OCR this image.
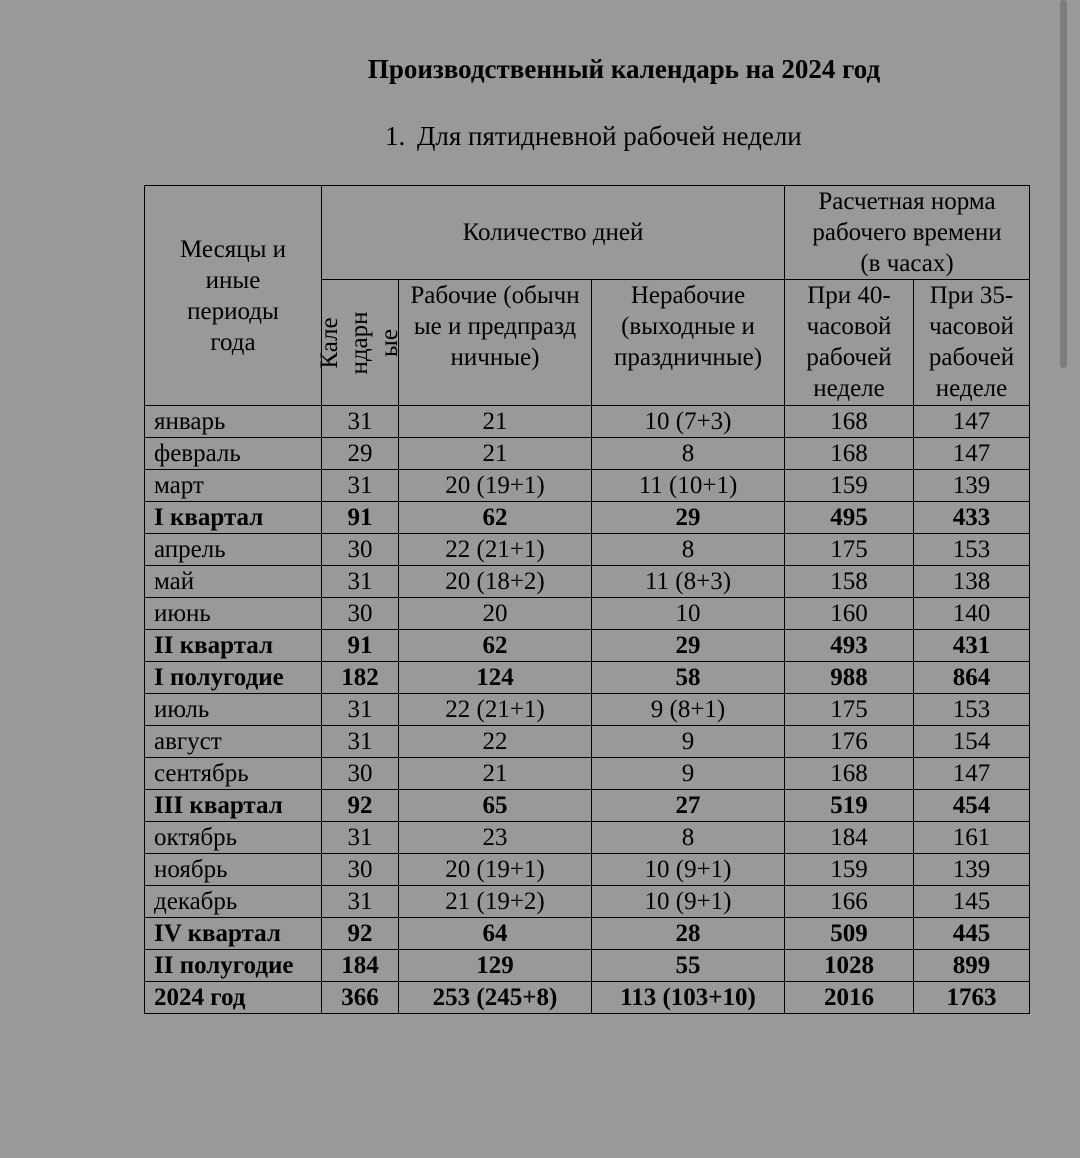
Производственный календарь на 2024 год

1. Для пятидневной рабочей недели

Месяцы и иные периоды года	Количество дней			Расчетная норма рабочего времени (в часах)	

	Календарные	Рабочие (обычные и предпраздничные)	Нерабочие (выходные и праздничные)	При 40-часовой рабочей неделе	При 35-часовой рабочей неделе

январь	31	21	10 (7+3)	168	147
февраль	29	21	8	168	147
март	31	20 (19+1)	11 (10+1)	159	139
I квартал	91	62	29	495	433
апрель	30	22 (21+1)	8	175	153
май	31	20 (18+2)	11 (8+3)	158	138
июнь	30	20	10	160	140
II квартал	91	62	29	493	431
I полугодие	182	124	58	988	864
июль	31	22 (21+1)	9 (8+1)	175	153
август	31	22	9	176	154
сентябрь	30	21	9	168	147
III квартал	92	65	27	519	454
октябрь	31	23	8	184	161
ноябрь	30	20 (19+1)	10 (9+1)	159	139
декабрь	31	21 (19+2)	10 (9+1)	166	145
IV квартал	92	64	28	509	445
II полугодие	184	129	55	1028	899
2024 год	366	253 (245+8)	113 (103+10)	2016	1763
